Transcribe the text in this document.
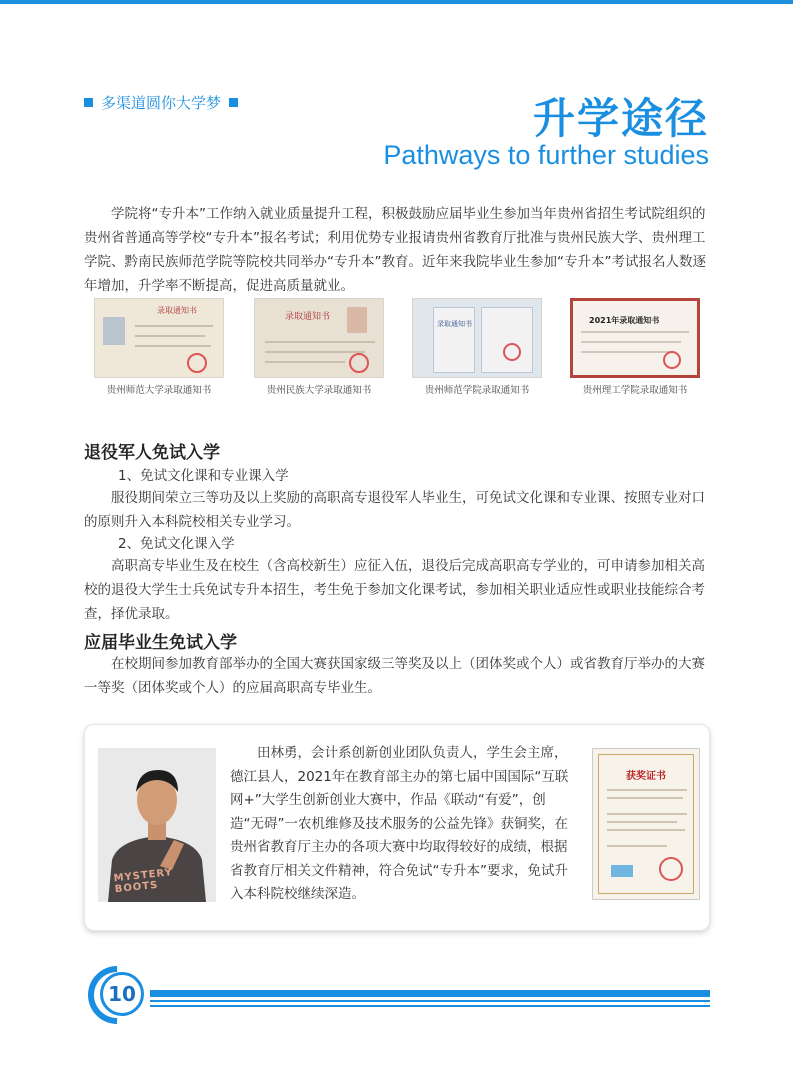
多渠道圆你大学梦	升学途径
Pathways to further studies

学院将“专升本”工作纳入就业质量提升工程，积极鼓励应届毕业生参加当年贵州省招生考试院组织的贵州省普通高等学校“专升本”报名考试；利用优势专业报请贵州省教育厅批准与贵州民族大学、贵州理工学院、黔南民族师范学院等院校共同举办“专升本”教育。近年来我院毕业生参加“专升本”考试报名人数逐年增加，升学率不断提高，促进高质量就业。

录取通知书
贵州师范大学录取通知书
录取通知书
贵州民族大学录取通知书
录取通知书
贵州师范学院录取通知书
2021年录取通知书
贵州理工学院录取通知书
退役军人免试入学
1、免试文化课和专业课入学

服役期间荣立三等功及以上奖励的高职高专退役军人毕业生，可免试文化课和专业课、按照专业对口的原则升入本科院校相关专业学习。

2、免试文化课入学

高职高专毕业生及在校生（含高校新生）应征入伍，退役后完成高职高专学业的，可申请参加相关高校的退役大学生士兵免试专升本招生，考生免于参加文化课考试，参加相关职业适应性或职业技能综合考查，择优录取。

应届毕业生免试入学

在校期间参加教育部举办的全国大赛获国家级三等奖及以上（团体奖或个人）或省教育厅举办的大赛一等奖（团体奖或个人）的应届高职高专毕业生。

MYSTERY BOOTS

田林勇，会计系创新创业团队负责人，学生会主席，德江县人，2021年在教育部主办的第七届中国国际“互联网+”大学生创新创业大赛中，作品《联动“有爱”，创造“无碍”一农机维修及技术服务的公益先锋》获铜奖，在贵州省教育厅主办的各项大赛中均取得较好的成绩，根据省教育厅相关文件精神，符合免试“专升本”要求，免试升入本科院校继续深造。

获奖证书
10
